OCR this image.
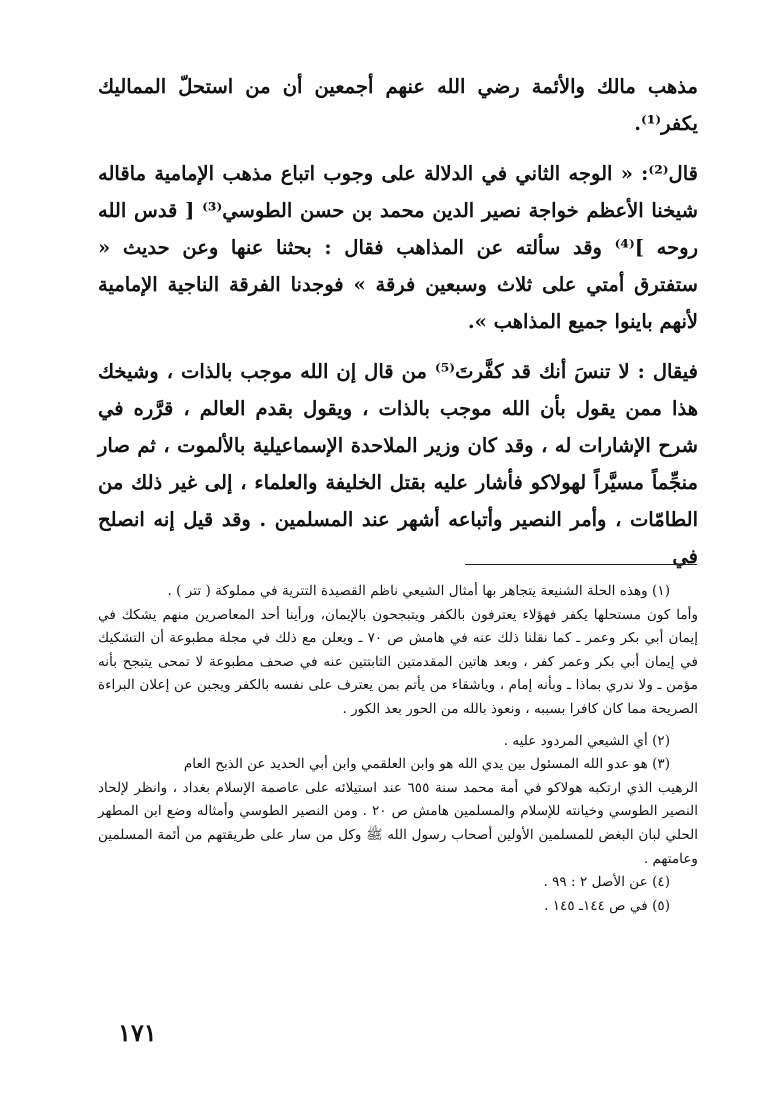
مذهب مالك والأئمة رضي الله عنهم أجمعين أن من استحلّ المماليك يكفر⁽¹⁾.

قال⁽²⁾: « الوجه الثاني في الدلالة على وجوب اتباع مذهب الإمامية ماقاله شيخنا الأعظم خواجة نصير الدين محمد بن حسن الطوسي⁽³⁾ [ قدس الله روحه ]⁽⁴⁾ وقد سألته عن المذاهب فقال : بحثنا عنها وعن حديث « ستفترق أمتي على ثلاث وسبعين فرقة » فوجدنا الفرقة الناجية الإمامية لأنهم باينوا جميع المذاهب ».

فيقال : لا تنسَ أنك قد كفَّرتَ⁽⁵⁾ من قال إن الله موجب بالذات ، وشيخك هذا ممن يقول بأن الله موجب بالذات ، ويقول بقدم العالم ، قرَّره في شرح الإشارات له ، وقد كان وزير الملاحدة الإسماعيلية بالألموت ، ثم صار منجِّماً مسيَّراً لهولاكو فأشار عليه بقتل الخليفة والعلماء ، إلى غير ذلك من الطامّات ، وأمر النصير وأتباعه أشهر عند المسلمين . وقد قيل إنه انصلح في

(١) وهذه الحلة الشنيعة يتجاهر بها أمثال الشيعي ناظم القصيدة التترية في مملوكة ( تتر ) .

وأما كون مستحلها يكفر فهؤلاء يعترفون بالكفر ويتبجحون بالإيمان، ورأينا أحد المعاصرين منهم يشكك في إيمان أبي بكر وعمر ـ كما نقلنا ذلك عنه في هامش ص ٧٠ ـ ويعلن مع ذلك في مجلة مطبوعة أن التشكيك في إيمان أبي بكر وعمر كفر ، وبعد هاتين المقدمتين الثابتتين عنه في صحف مطبوعة لا تمحى يتبجح بأنه مؤمن ـ ولا ندري بماذا ـ وبأنه إمام ، وياشقاء من يأتم بمن يعترف على نفسه بالكفر ويجبن عن إعلان البراءة الصريحة مما كان كافرا بسببه ، ونعوذ بالله من الحور بعد الكور .

(٢) أي الشيعي المردود عليه .

(٣) هو عدو الله المسئول بين يدي الله هو وابن العلقمي وابن أبي الحديد عن الذبح العام

الرهيب الذي ارتكبه هولاكو في أمة محمد سنة ٦٥٥ عند استيلائه على عاصمة الإسلام بغداد ، وانظر لإلحاد النصير الطوسي وخيانته للإسلام والمسلمين هامش ص ٢٠ . ومن النصير الطوسي وأمثاله وضع ابن المطهر الحلي لبان البغض للمسلمين الأولين أصحاب رسول الله ﷺ وكل من سار على طريقتهم من أئمة المسلمين وعامتهم .

(٤) عن الأصل ٢ : ٩٩ .

(٥) في ص ١٤٤ـ ١٤٥ .

١٧١
